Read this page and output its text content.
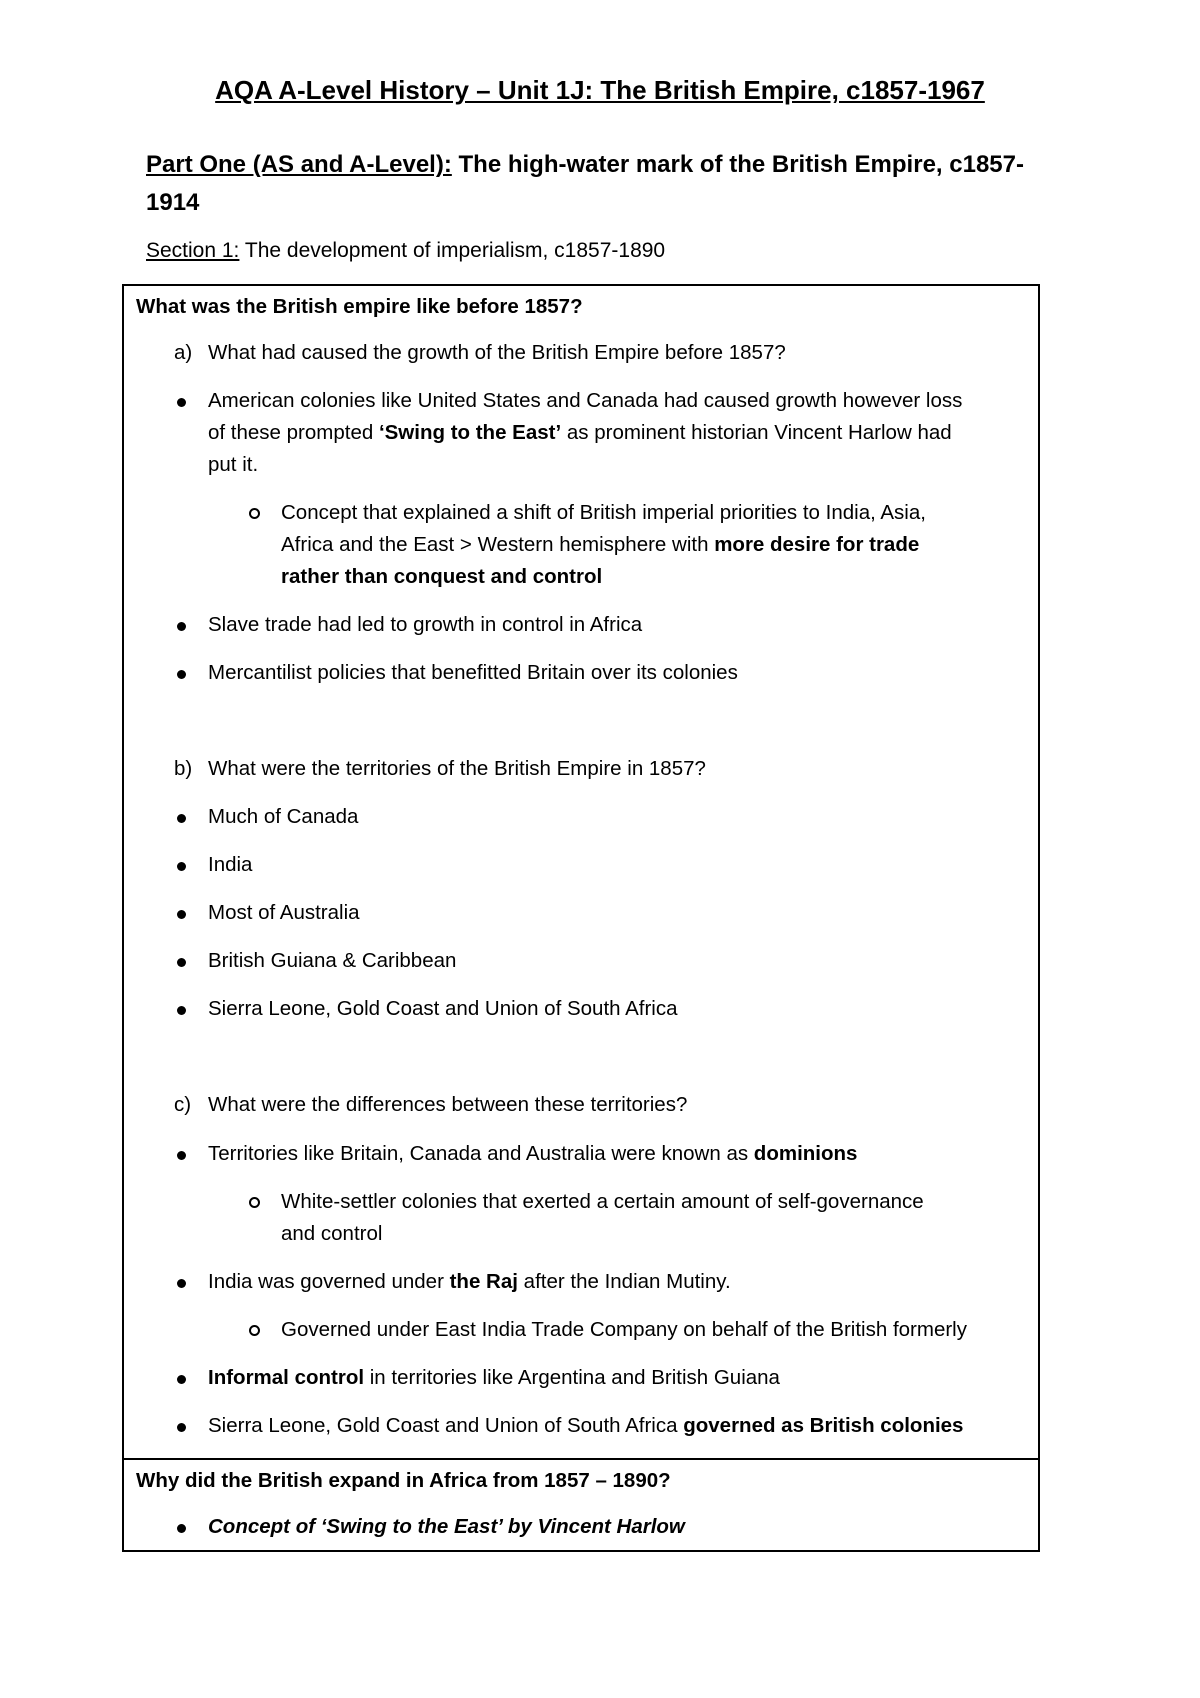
AQA A-Level History – Unit 1J: The British Empire, c1857-1967
Part One (AS and A-Level): The high-water mark of the British Empire, c1857-1914
Section 1: The development of imperialism, c1857-1890
What was the British empire like before 1857?
a) What had caused the growth of the British Empire before 1857?
American colonies like United States and Canada had caused growth however loss
of these prompted ‘Swing to the East’ as prominent historian Vincent Harlow had
put it.
Concept that explained a shift of British imperial priorities to India, Asia,
Africa and the East > Western hemisphere with more desire for trade
rather than conquest and control
Slave trade had led to growth in control in Africa
Mercantilist policies that benefitted Britain over its colonies
b) What were the territories of the British Empire in 1857?
Much of Canada
India
Most of Australia
British Guiana & Caribbean
Sierra Leone, Gold Coast and Union of South Africa
c) What were the differences between these territories?
Territories like Britain, Canada and Australia were known as dominions
White-settler colonies that exerted a certain amount of self-governance
and control
India was governed under the Raj after the Indian Mutiny.
Governed under East India Trade Company on behalf of the British formerly
Informal control in territories like Argentina and British Guiana
Sierra Leone, Gold Coast and Union of South Africa governed as British colonies
Why did the British expand in Africa from 1857 – 1890?
Concept of ‘Swing to the East’ by Vincent Harlow
